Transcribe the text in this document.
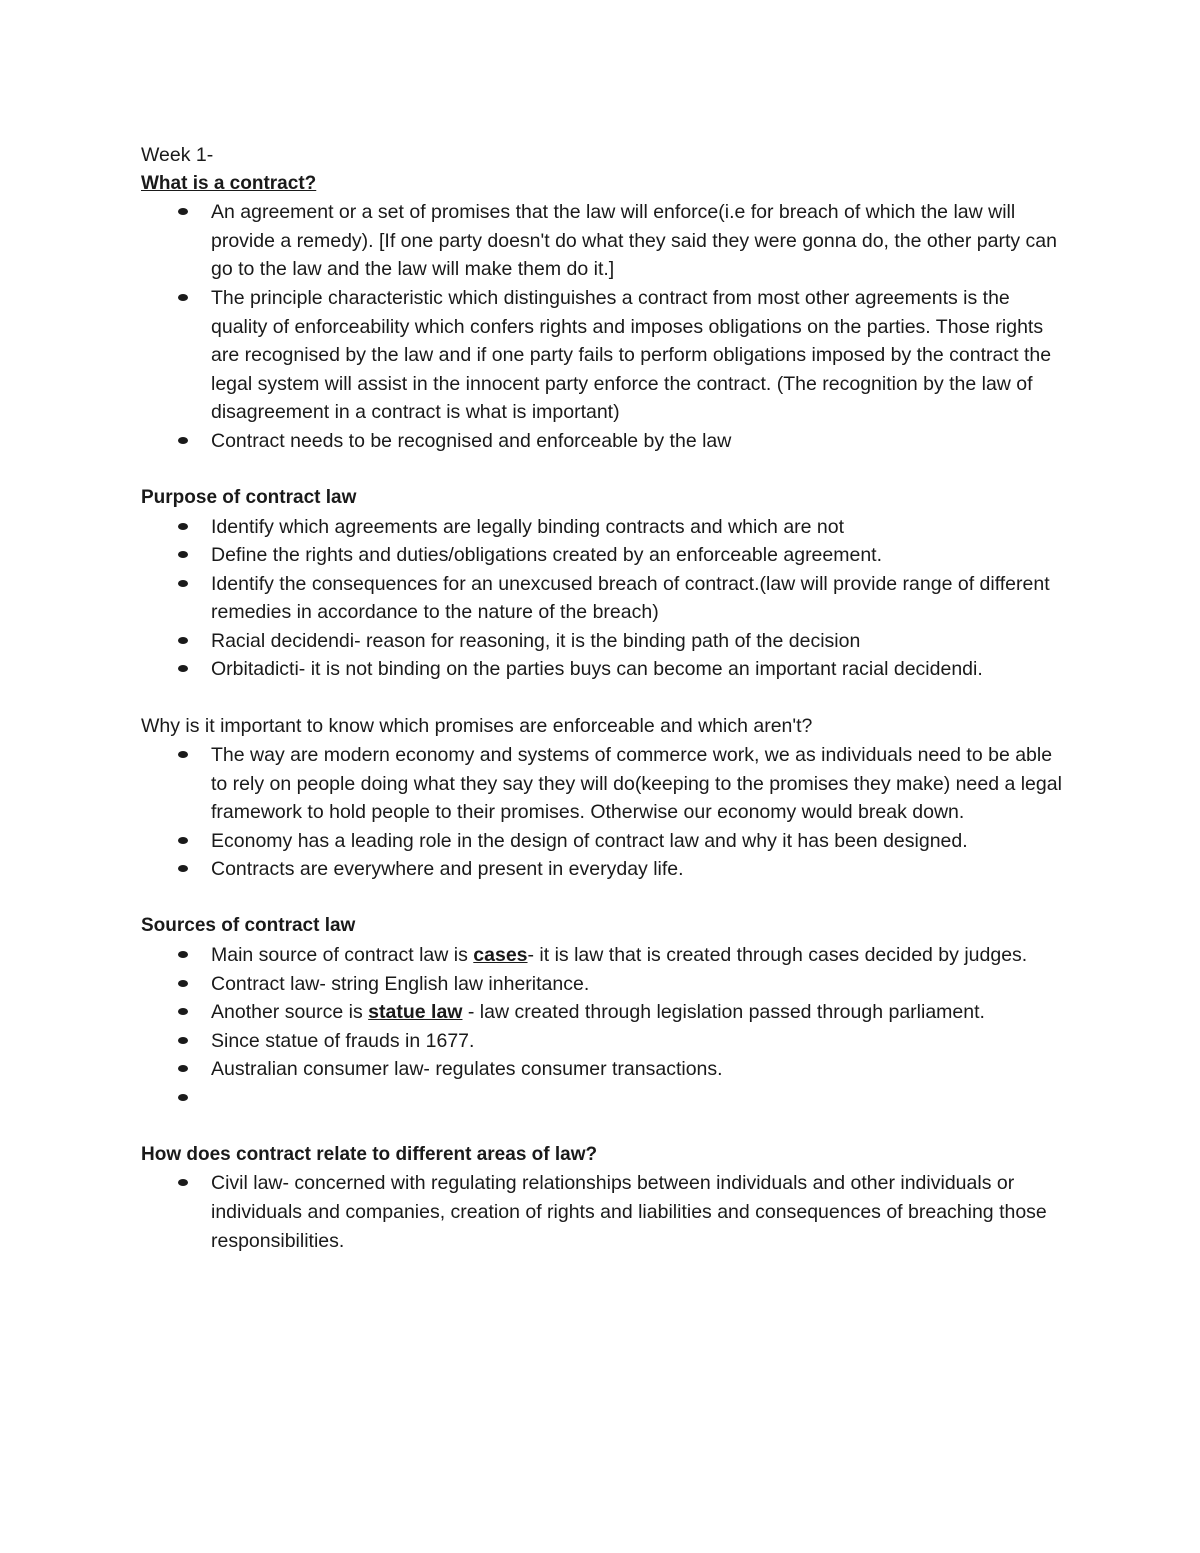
Week 1-

What is a contract?

An agreement or a set of promises that the law will enforce(i.e for breach of which the law will provide a remedy). [If one party doesn't do what they said they were gonna do, the other party can go to the law and the law will make them do it.]
The principle characteristic which distinguishes a contract from most other agreements is the quality of enforceability which confers rights and imposes obligations on the parties. Those rights are recognised by the law and if one party fails to perform obligations imposed by the contract the legal system will assist in the innocent party enforce the contract. (The recognition by the law of disagreement in a contract is what is important)
Contract needs to be recognised and enforceable by the law

Purpose of contract law

Identify which agreements are legally binding contracts and which are not
Define the rights and duties/obligations created by an enforceable agreement.
Identify the consequences for an unexcused breach of contract.(law will provide range of different remedies in accordance to the nature of the breach)
Racial decidendi- reason for reasoning, it is the binding path of the decision
Orbitadicti- it is not binding on the parties buys can become an important racial decidendi.

Why is it important to know which promises are enforceable and which aren't?

The way are modern economy and systems of commerce work, we as individuals need to be able to rely on people doing what they say they will do(keeping to the promises they make) need a legal framework to hold people to their promises. Otherwise our economy would break down.
Economy has a leading role in the design of contract law and why it has been designed.
Contracts are everywhere and present in everyday life.

Sources of contract law

Main source of contract law is cases- it is law that is created through cases decided by judges.
Contract law- string English law inheritance.
Another source is statue law - law created through legislation passed through parliament.
Since statue of frauds in 1677.
Australian consumer law- regulates consumer transactions.

How does contract relate to different areas of law?

Civil law- concerned with regulating relationships between individuals and other individuals or individuals and companies, creation of rights and liabilities and consequences of breaching those responsibilities.
